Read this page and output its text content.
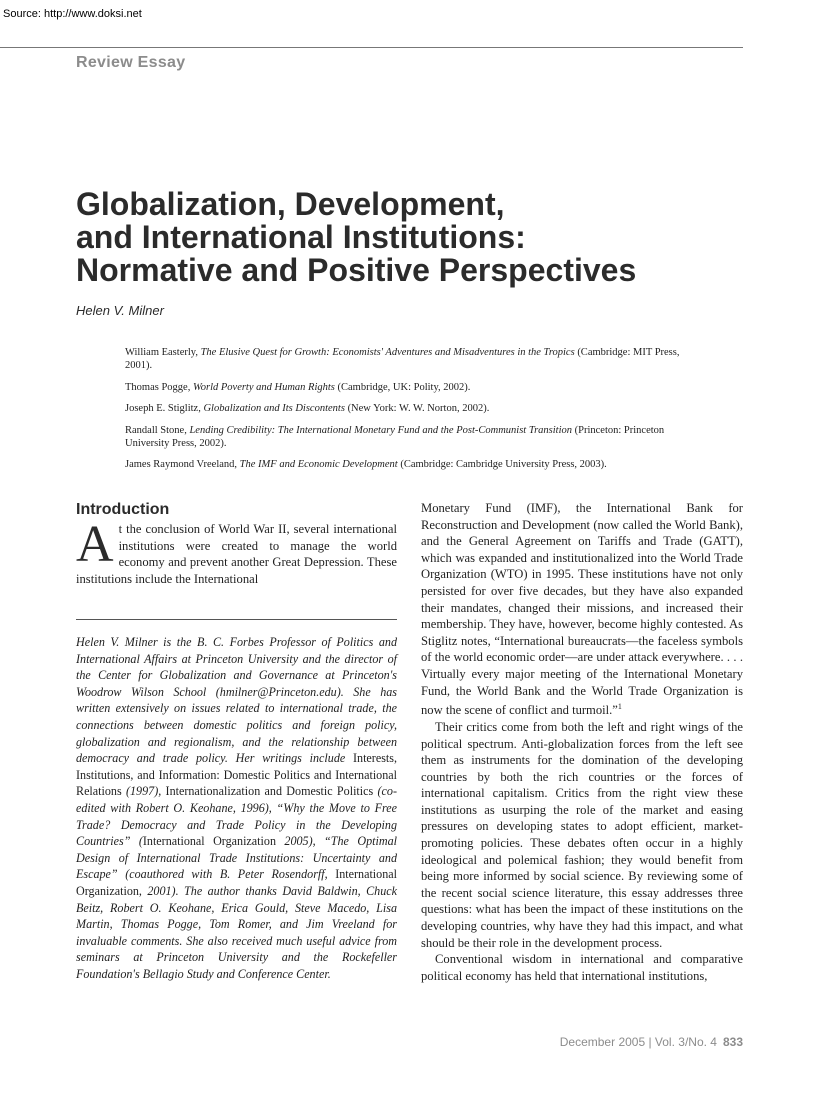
Source: http://www.doksi.net
Review Essay
Globalization, Development,
and International Institutions:
Normative and Positive Perspectives
Helen V. Milner

William Easterly, The Elusive Quest for Growth: Economists' Adventures and Misadventures in the Tropics (Cambridge: MIT Press, 2001).

Thomas Pogge, World Poverty and Human Rights (Cambridge, UK: Polity, 2002).

Joseph E. Stiglitz, Globalization and Its Discontents (New York: W. W. Norton, 2002).

Randall Stone, Lending Credibility: The International Monetary Fund and the Post-Communist Transition (Princeton: Princeton University Press, 2002).

James Raymond Vreeland, The IMF and Economic Development (Cambridge: Cambridge University Press, 2003).

Introduction

At the conclusion of World War II, several international institutions were created to manage the world economy and prevent another Great Depression. These institutions include the International

Helen V. Milner is the B. C. Forbes Professor of Politics and International Affairs at Princeton University and the director of the Center for Globalization and Governance at Princeton's Woodrow Wilson School (hmilner@Princeton.edu). She has written extensively on issues related to international trade, the connections between domestic politics and foreign policy, globalization and regionalism, and the relationship between democracy and trade policy. Her writings include Interests, Institutions, and Information: Domestic Politics and International Relations (1997), Internationalization and Domestic Politics (co-edited with Robert O. Keohane, 1996), “Why the Move to Free Trade? Democracy and Trade Policy in the Developing Countries” (International Organization 2005), “The Optimal Design of International Trade Institutions: Uncertainty and Escape” (coauthored with B. Peter Rosendorff, International Organization, 2001). The author thanks David Baldwin, Chuck Beitz, Robert O. Keohane, Erica Gould, Steve Macedo, Lisa Martin, Thomas Pogge, Tom Romer, and Jim Vreeland for invaluable comments. She also received much useful advice from seminars at Princeton University and the Rockefeller Foundation's Bellagio Study and Conference Center.

Monetary Fund (IMF), the International Bank for Reconstruction and Development (now called the World Bank), and the General Agreement on Tariffs and Trade (GATT), which was expanded and institutionalized into the World Trade Organization (WTO) in 1995. These institutions have not only persisted for over five decades, but they have also expanded their mandates, changed their missions, and increased their membership. They have, however, become highly contested. As Stiglitz notes, “International bureaucrats—the faceless symbols of the world economic order—are under attack everywhere. . . . Virtually every major meeting of the International Monetary Fund, the World Bank and the World Trade Organization is now the scene of conflict and turmoil.”$^1$

Their critics come from both the left and right wings of the political spectrum. Anti-globalization forces from the left see them as instruments for the domination of the developing countries by both the rich countries or the forces of international capitalism. Critics from the right view these institutions as usurping the role of the market and easing pressures on developing states to adopt efficient, market-promoting policies. These debates often occur in a highly ideological and polemical fashion; they would benefit from being more informed by social science. By reviewing some of the recent social science literature, this essay addresses three questions: what has been the impact of these institutions on the developing countries, why have they had this impact, and what should be their role in the development process.

Conventional wisdom in international and comparative political economy has held that international institutions,

December 2005 | Vol. 3/No. 4 833
